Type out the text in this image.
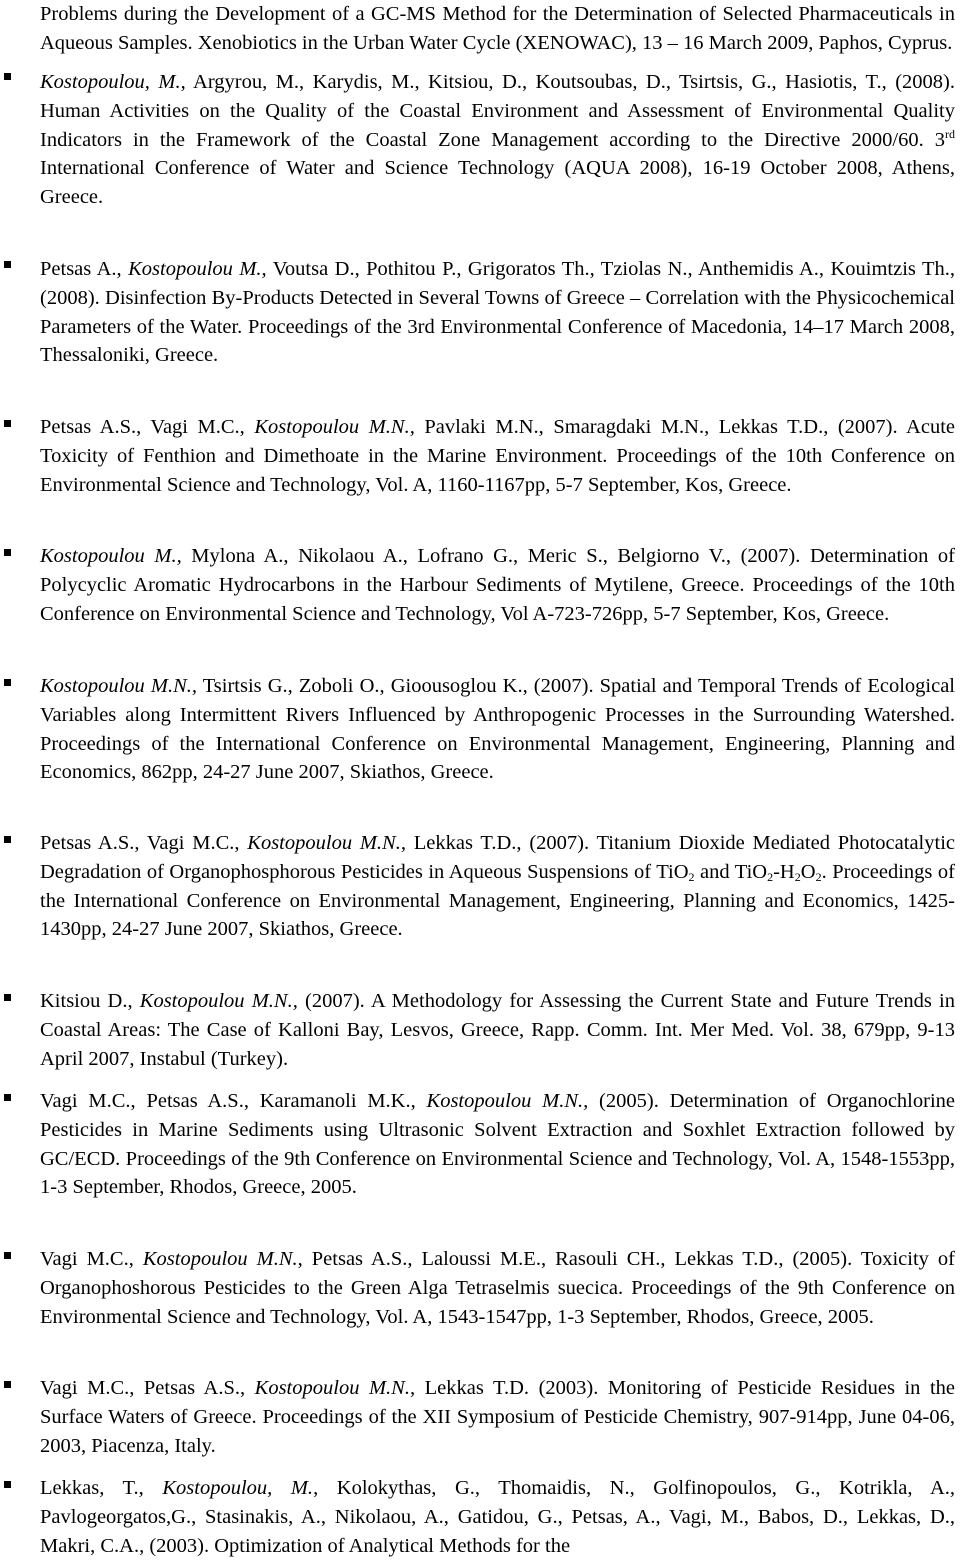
Problems during the Development of a GC-MS Method for the Determination of Selected Pharmaceuticals in Aqueous Samples. Xenobiotics in the Urban Water Cycle (XENOWAC), 13 – 16 March 2009, Paphos, Cyprus.
Kostopoulou, M., Argyrou, M., Karydis, M., Kitsiou, D., Koutsoubas, D., Tsirtsis, G., Hasiotis, T., (2008). Human Activities on the Quality of the Coastal Environment and Assessment of Environmental Quality Indicators in the Framework of the Coastal Zone Management according to the Directive 2000/60. 3rd International Conference of Water and Science Technology (AQUA 2008), 16-19 October 2008, Athens, Greece.
Petsas A., Kostopoulou M., Voutsa D., Pothitou P., Grigoratos Th., Tziolas N., Anthemidis A., Kouimtzis Th., (2008). Disinfection By-Products Detected in Several Towns of Greece – Correlation with the Physicochemical Parameters of the Water. Proceedings of the 3rd Environmental Conference of Macedonia, 14–17 March 2008, Thessaloniki, Greece.
Petsas A.S., Vagi M.C., Kostopoulou M.N., Pavlaki M.N., Smaragdaki M.N., Lekkas T.D., (2007). Acute Toxicity of Fenthion and Dimethoate in the Marine Environment. Proceedings of the 10th Conference on Environmental Science and Technology, Vol. A, 1160-1167pp, 5-7 September, Kos, Greece.
Kostopoulou M., Mylona A., Nikolaou A., Lofrano G., Meric S., Belgiorno V., (2007). Determination of Polycyclic Aromatic Hydrocarbons in the Harbour Sediments of Mytilene, Greece. Proceedings of the 10th Conference on Environmental Science and Technology, Vol A-723-726pp, 5-7 September, Kos, Greece.
Kostopoulou M.N., Tsirtsis G., Zoboli O., Gioousoglou K., (2007). Spatial and Temporal Trends of Ecological Variables along Intermittent Rivers Influenced by Anthropogenic Processes in the Surrounding Watershed. Proceedings of the International Conference on Environmental Management, Engineering, Planning and Economics, 862pp, 24-27 June 2007, Skiathos, Greece.
Petsas A.S., Vagi M.C., Kostopoulou M.N., Lekkas T.D., (2007). Titanium Dioxide Mediated Photocatalytic Degradation of Organophosphorous Pesticides in Aqueous Suspensions of TiO$_2$ and $TiO_2-H_2O_2$. Proceedings of the International Conference on Environmental Management, Engineering, Planning and Economics, 1425-1430pp, 24-27 June 2007, Skiathos, Greece.
Kitsiou D., Kostopoulou M.N., (2007). A Methodology for Assessing the Current State and Future Trends in Coastal Areas: The Case of Kalloni Bay, Lesvos, Greece, Rapp. Comm. Int. Mer Med. Vol. 38, 679pp, 9-13 April 2007, Instabul (Turkey).
Vagi M.C., Petsas A.S., Karamanoli M.K., Kostopoulou M.N., (2005). Determination of Organochlorine Pesticides in Marine Sediments using Ultrasonic Solvent Extraction and Soxhlet Extraction followed by GC/ECD. Proceedings of the 9th Conference on Environmental Science and Technology, Vol. A, 1548-1553pp, 1-3 September, Rhodos, Greece, 2005.
Vagi M.C., Kostopoulou M.N., Petsas A.S., Laloussi M.E., Rasouli CH., Lekkas T.D., (2005). Toxicity of Organophoshorous Pesticides to the Green Alga Tetraselmis suecica. Proceedings of the 9th Conference on Environmental Science and Technology, Vol. A, 1543-1547pp, 1-3 September, Rhodos, Greece, 2005.
Vagi M.C., Petsas A.S., Kostopoulou M.N., Lekkas T.D. (2003). Monitoring of Pesticide Residues in the Surface Waters of Greece. Proceedings of the XII Symposium of Pesticide Chemistry, 907-914pp, June 04-06, 2003, Piacenza, Italy.
Lekkas, T., Kostopoulou, M., Kolokythas, G., Thomaidis, N., Golfinopoulos, G., Kotrikla, A., Pavlogeorgatos,G., Stasinakis, A., Nikolaou, A., Gatidou, G., Petsas, A., Vagi, M., Babos, D., Lekkas, D., Makri, C.A., (2003). Optimization of Analytical Methods for the
